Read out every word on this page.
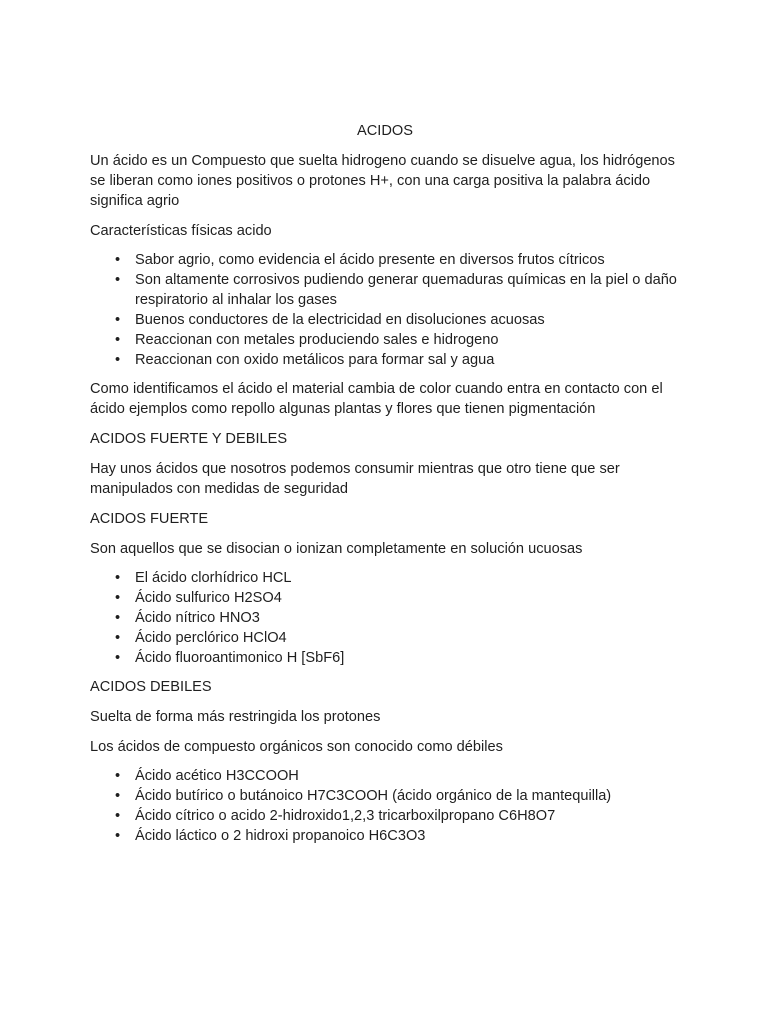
ACIDOS

Un ácido es un Compuesto que suelta hidrogeno cuando se disuelve agua, los hidrógenos se liberan como iones positivos o protones H+, con una carga positiva la palabra ácido significa agrio

Características físicas acido

•	Sabor agrio, como evidencia el ácido presente en diversos frutos cítricos
•	Son altamente corrosivos pudiendo generar quemaduras químicas en la piel o daño respiratorio al inhalar los gases
•	Buenos conductores de la electricidad en disoluciones acuosas
•	Reaccionan con metales produciendo sales e hidrogeno
•	Reaccionan con oxido metálicos para formar sal y agua

Como identificamos el ácido el material cambia de color cuando entra en contacto con el ácido ejemplos como repollo algunas plantas y flores que tienen pigmentación

ACIDOS FUERTE Y DEBILES

Hay unos ácidos que nosotros podemos consumir mientras que otro tiene que ser manipulados con medidas de seguridad

ACIDOS FUERTE

Son aquellos que se disocian o ionizan completamente en solución ucuosas

•	El ácido clorhídrico HCL
•	Ácido sulfurico H2SO4
•	Ácido nítrico HNO3
•	Ácido perclórico HClO4
•	Ácido fluoroantimonico H [SbF6]

ACIDOS DEBILES

Suelta de forma más restringida los protones

Los ácidos de compuesto orgánicos son conocido como débiles

•	Ácido acético H3CCOOH
•	Ácido butírico o butánoico H7C3COOH (ácido orgánico de la mantequilla)
•	Ácido cítrico o acido 2-hidroxido1,2,3 tricarboxilpropano C6H8O7
•	Ácido láctico o 2 hidroxi propanoico H6C3O3
